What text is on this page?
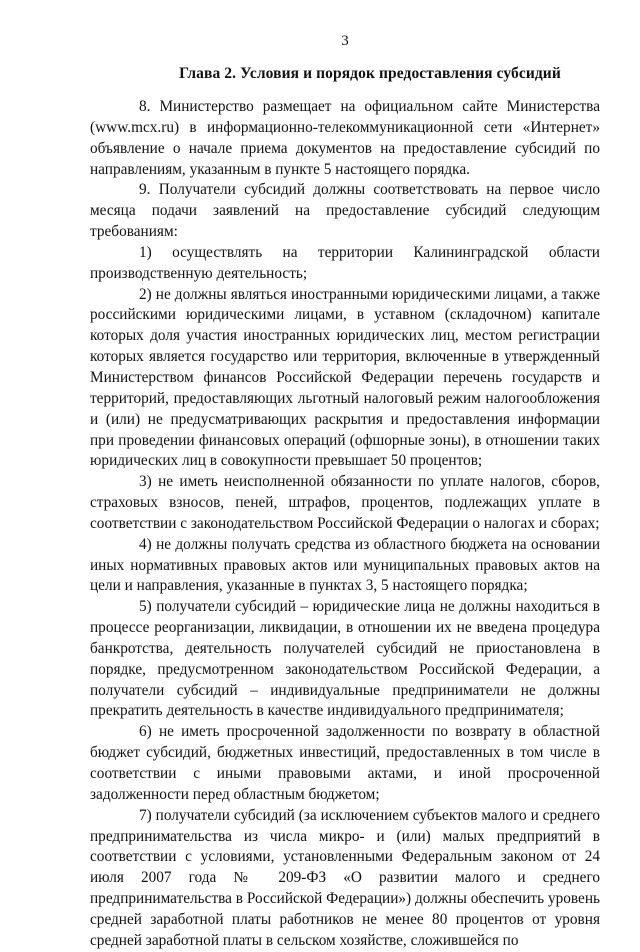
3
Глава 2. Условия и порядок предоставления субсидий

8. Министерство размещает на официальном сайте Министерства (www.mcx.ru) в информационно-телекоммуникационной сети «Интернет» объявление о начале приема документов на предоставление субсидий по направлениям, указанным в пункте 5 настоящего порядка.

9. Получатели субсидий должны соответствовать на первое число месяца подачи заявлений на предоставление субсидий следующим требованиям:

1) осуществлять на территории Калининградской области производственную деятельность;

2) не должны являться иностранными юридическими лицами, а также российскими юридическими лицами, в уставном (складочном) капитале которых доля участия иностранных юридических лиц, местом регистрации которых является государство или территория, включенные в утвержденный Министерством финансов Российской Федерации перечень государств и территорий, предоставляющих льготный налоговый режим налогообложения и (или) не предусматривающих раскрытия и предоставления информации при проведении финансовых операций (офшорные зоны), в отношении таких юридических лиц в совокупности превышает 50 процентов;

3) не иметь неисполненной обязанности по уплате налогов, сборов, страховых взносов, пеней, штрафов, процентов, подлежащих уплате в соответствии с законодательством Российской Федерации о налогах и сборах;

4) не должны получать средства из областного бюджета на основании иных нормативных правовых актов или муниципальных правовых актов на цели и направления, указанные в пунктах 3, 5 настоящего порядка;

5) получатели субсидий – юридические лица не должны находиться в процессе реорганизации, ликвидации, в отношении их не введена процедура банкротства, деятельность получателей субсидий не приостановлена в порядке, предусмотренном законодательством Российской Федерации, а получатели субсидий – индивидуальные предприниматели не должны прекратить деятельность в качестве индивидуального предпринимателя;

6) не иметь просроченной задолженности по возврату в областной бюджет субсидий, бюджетных инвестиций, предоставленных в том числе в соответствии с иными правовыми актами, и иной просроченной задолженности перед областным бюджетом;

7) получатели субсидий (за исключением субъектов малого и среднего предпринимательства из числа микро- и (или) малых предприятий в соответствии с условиями, установленными Федеральным законом от 24 июля 2007 года № 209-ФЗ «О развитии малого и среднего предпринимательства в Российской Федерации») должны обеспечить уровень средней заработной платы работников не менее 80 процентов от уровня средней заработной платы в сельском хозяйстве, сложившейся по
